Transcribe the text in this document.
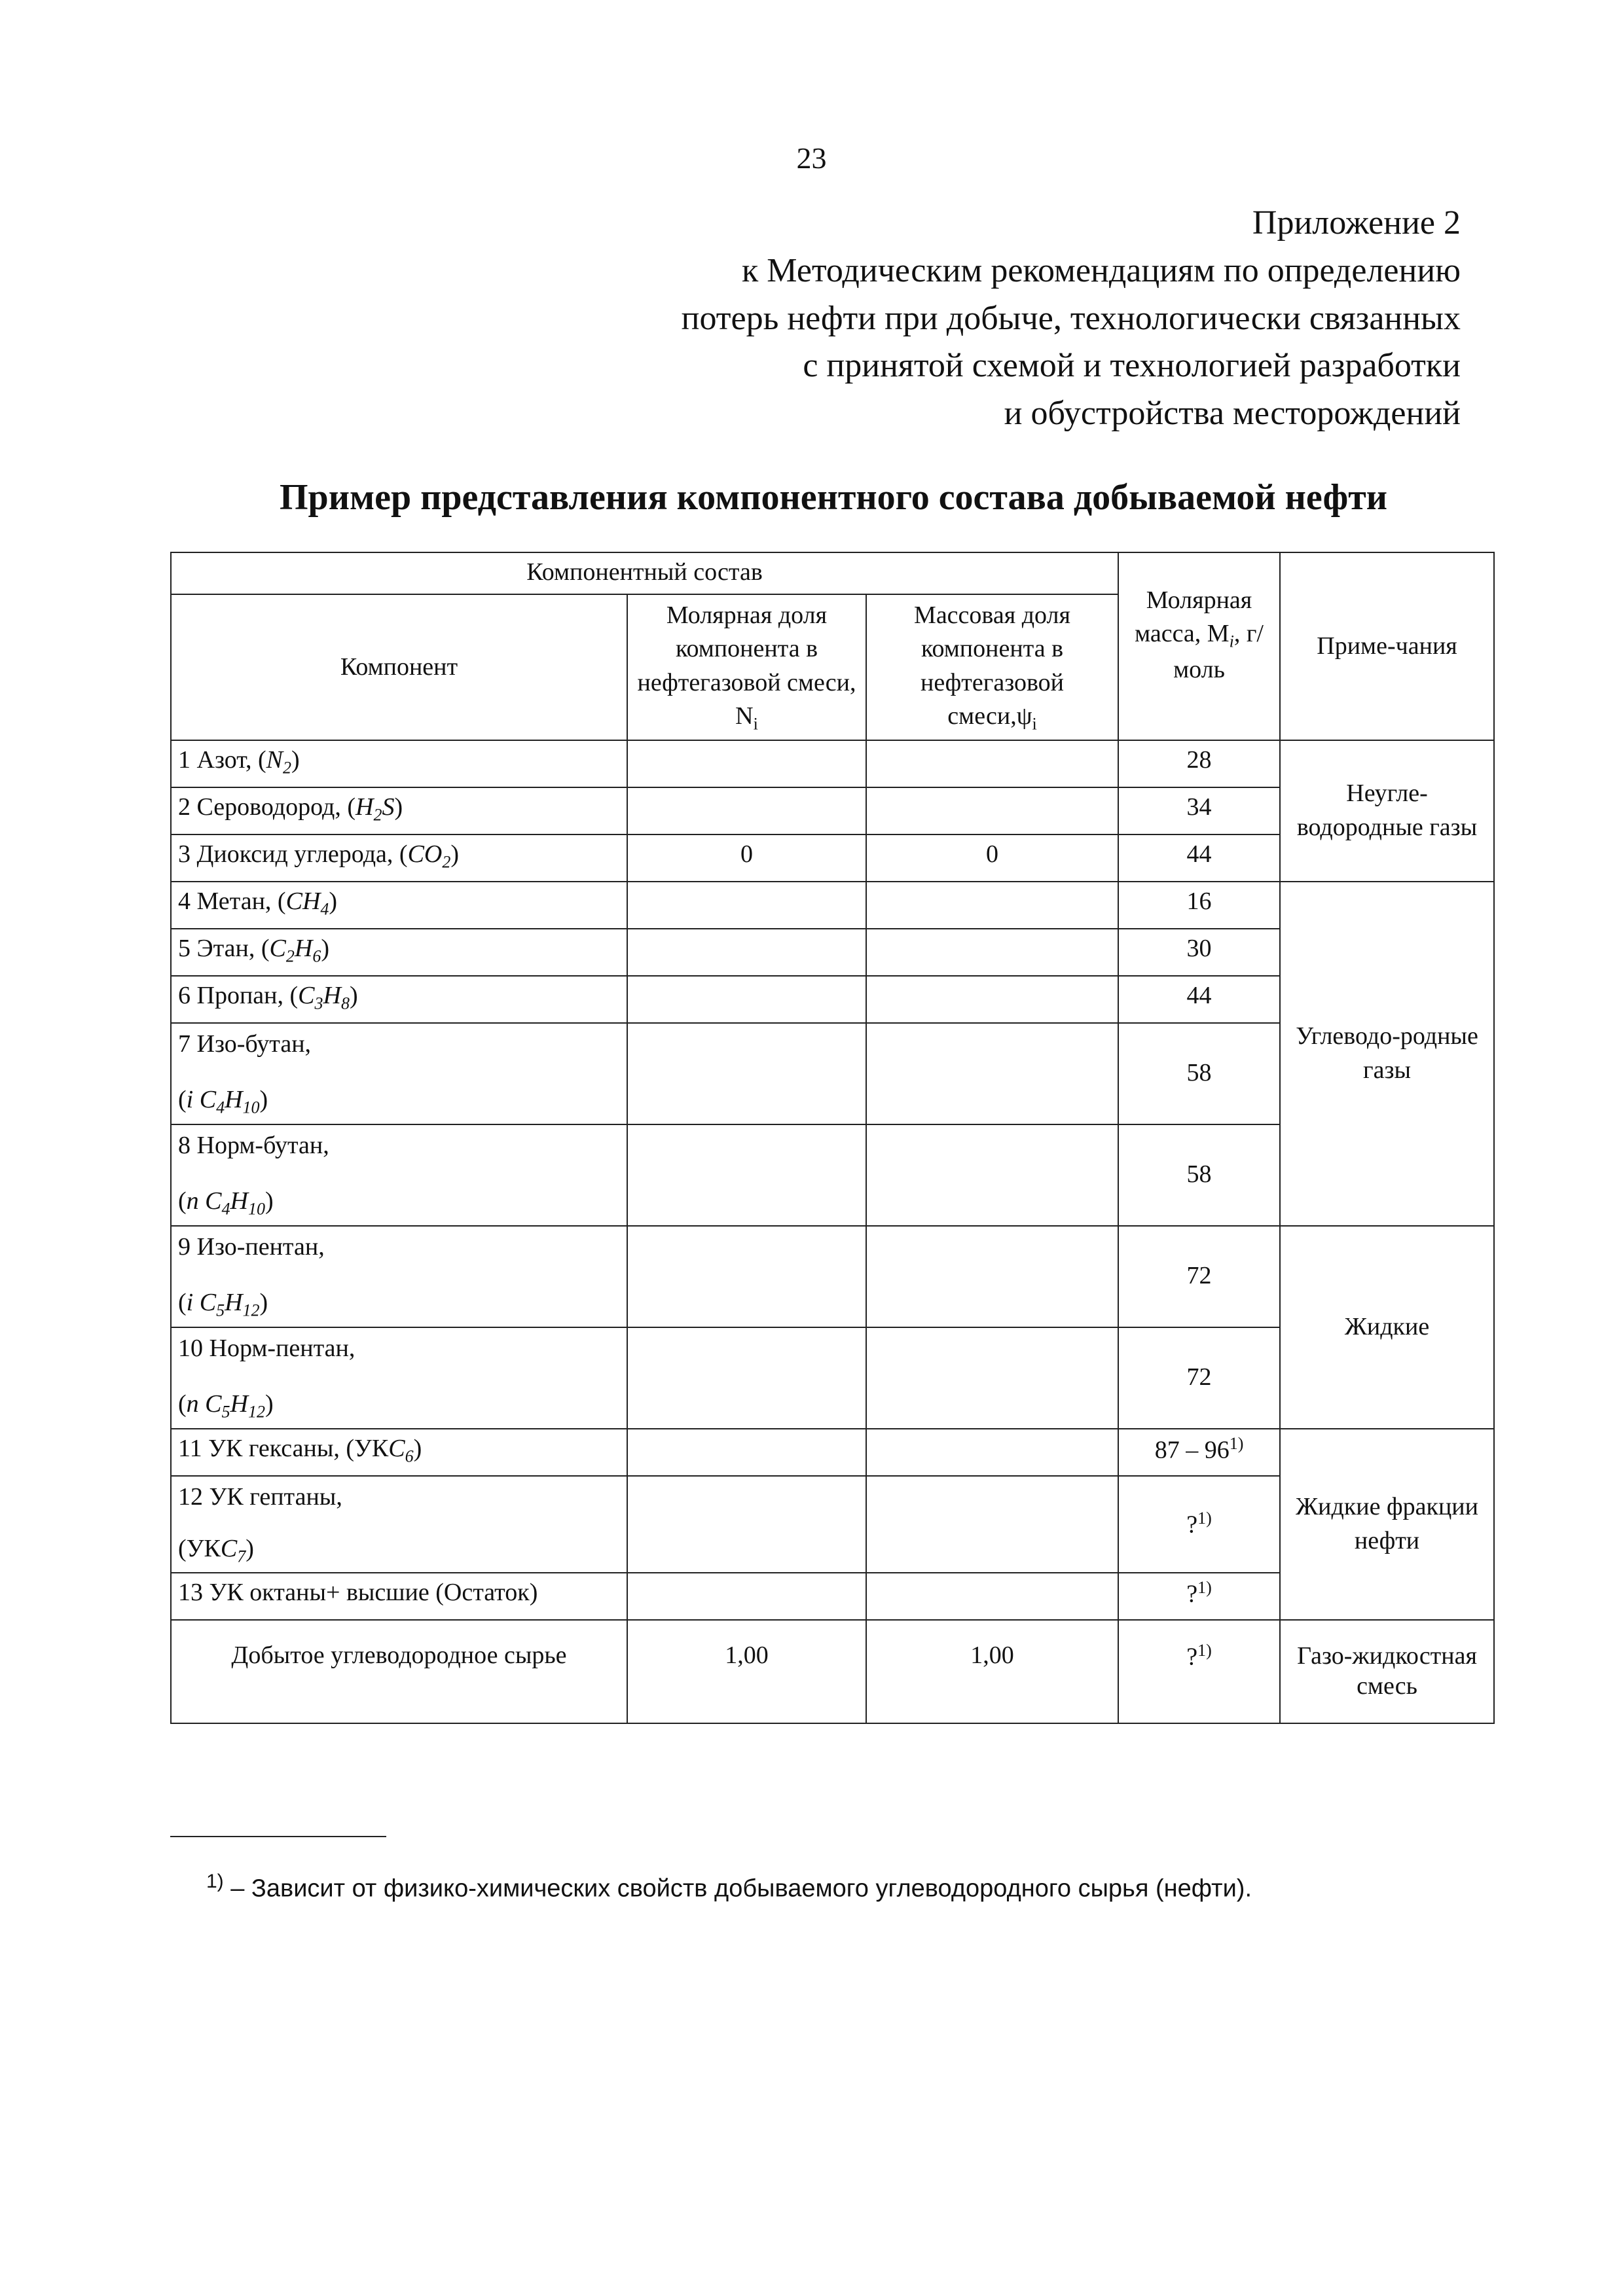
23
Приложение 2
к Методическим рекомендациям по определению
потерь нефти при добыче, технологически связанных
с принятой схемой и технологией разработки
и обустройства месторождений
Пример представления компонентного состава добываемой нефти
Компонентный состав			Молярная масса, $M_i$, г/моль	Приме-чания
Компонент	Молярная доля компонента в нефтегазовой смеси, $N_i$	Массовая доля компонента в нефтегазовой $смеси,\psi_i$
1 Азот, $(N_2)$			28	Неугле-водородные газы
2 Сероводород, $(H_2S)$			34	
3 Диоксид углерода, $(CO_2)$	0	0	44	
4 Метан, $(CH_4)$			16	Углеводо-родные газы
5 Этан, $(C_2H_6)$			30	
6 Пропан, $(C_3H_8)$			44	

7 Изо-бутан,
(i $C_4H_{10}$)			58	

8 Норм-бутан,
(n $C_4H_{10}$)			58	

9 Изо-пентан,
(i $C_5H_{12}$)			72	Жидкие

10 Норм-пентан,
(n $C_5H_{12}$)			72	
11 УК гексаны, $(УКC_6)$			87 – 96$^{1)}$	Жидкие фракции нефти

12 УК гептаны,
$(УКC_7)$			?$^{1)}$
13 УК октаны+ высшие (Остаток)			?$^{1)}$
Добытое углеводородное сырье	1,00	1,00	?$^{1)}$	Газо-жидкостная смесь
$^{1)}$ – Зависит от физико-химических свойств добываемого углеводородного сырья (нефти).
